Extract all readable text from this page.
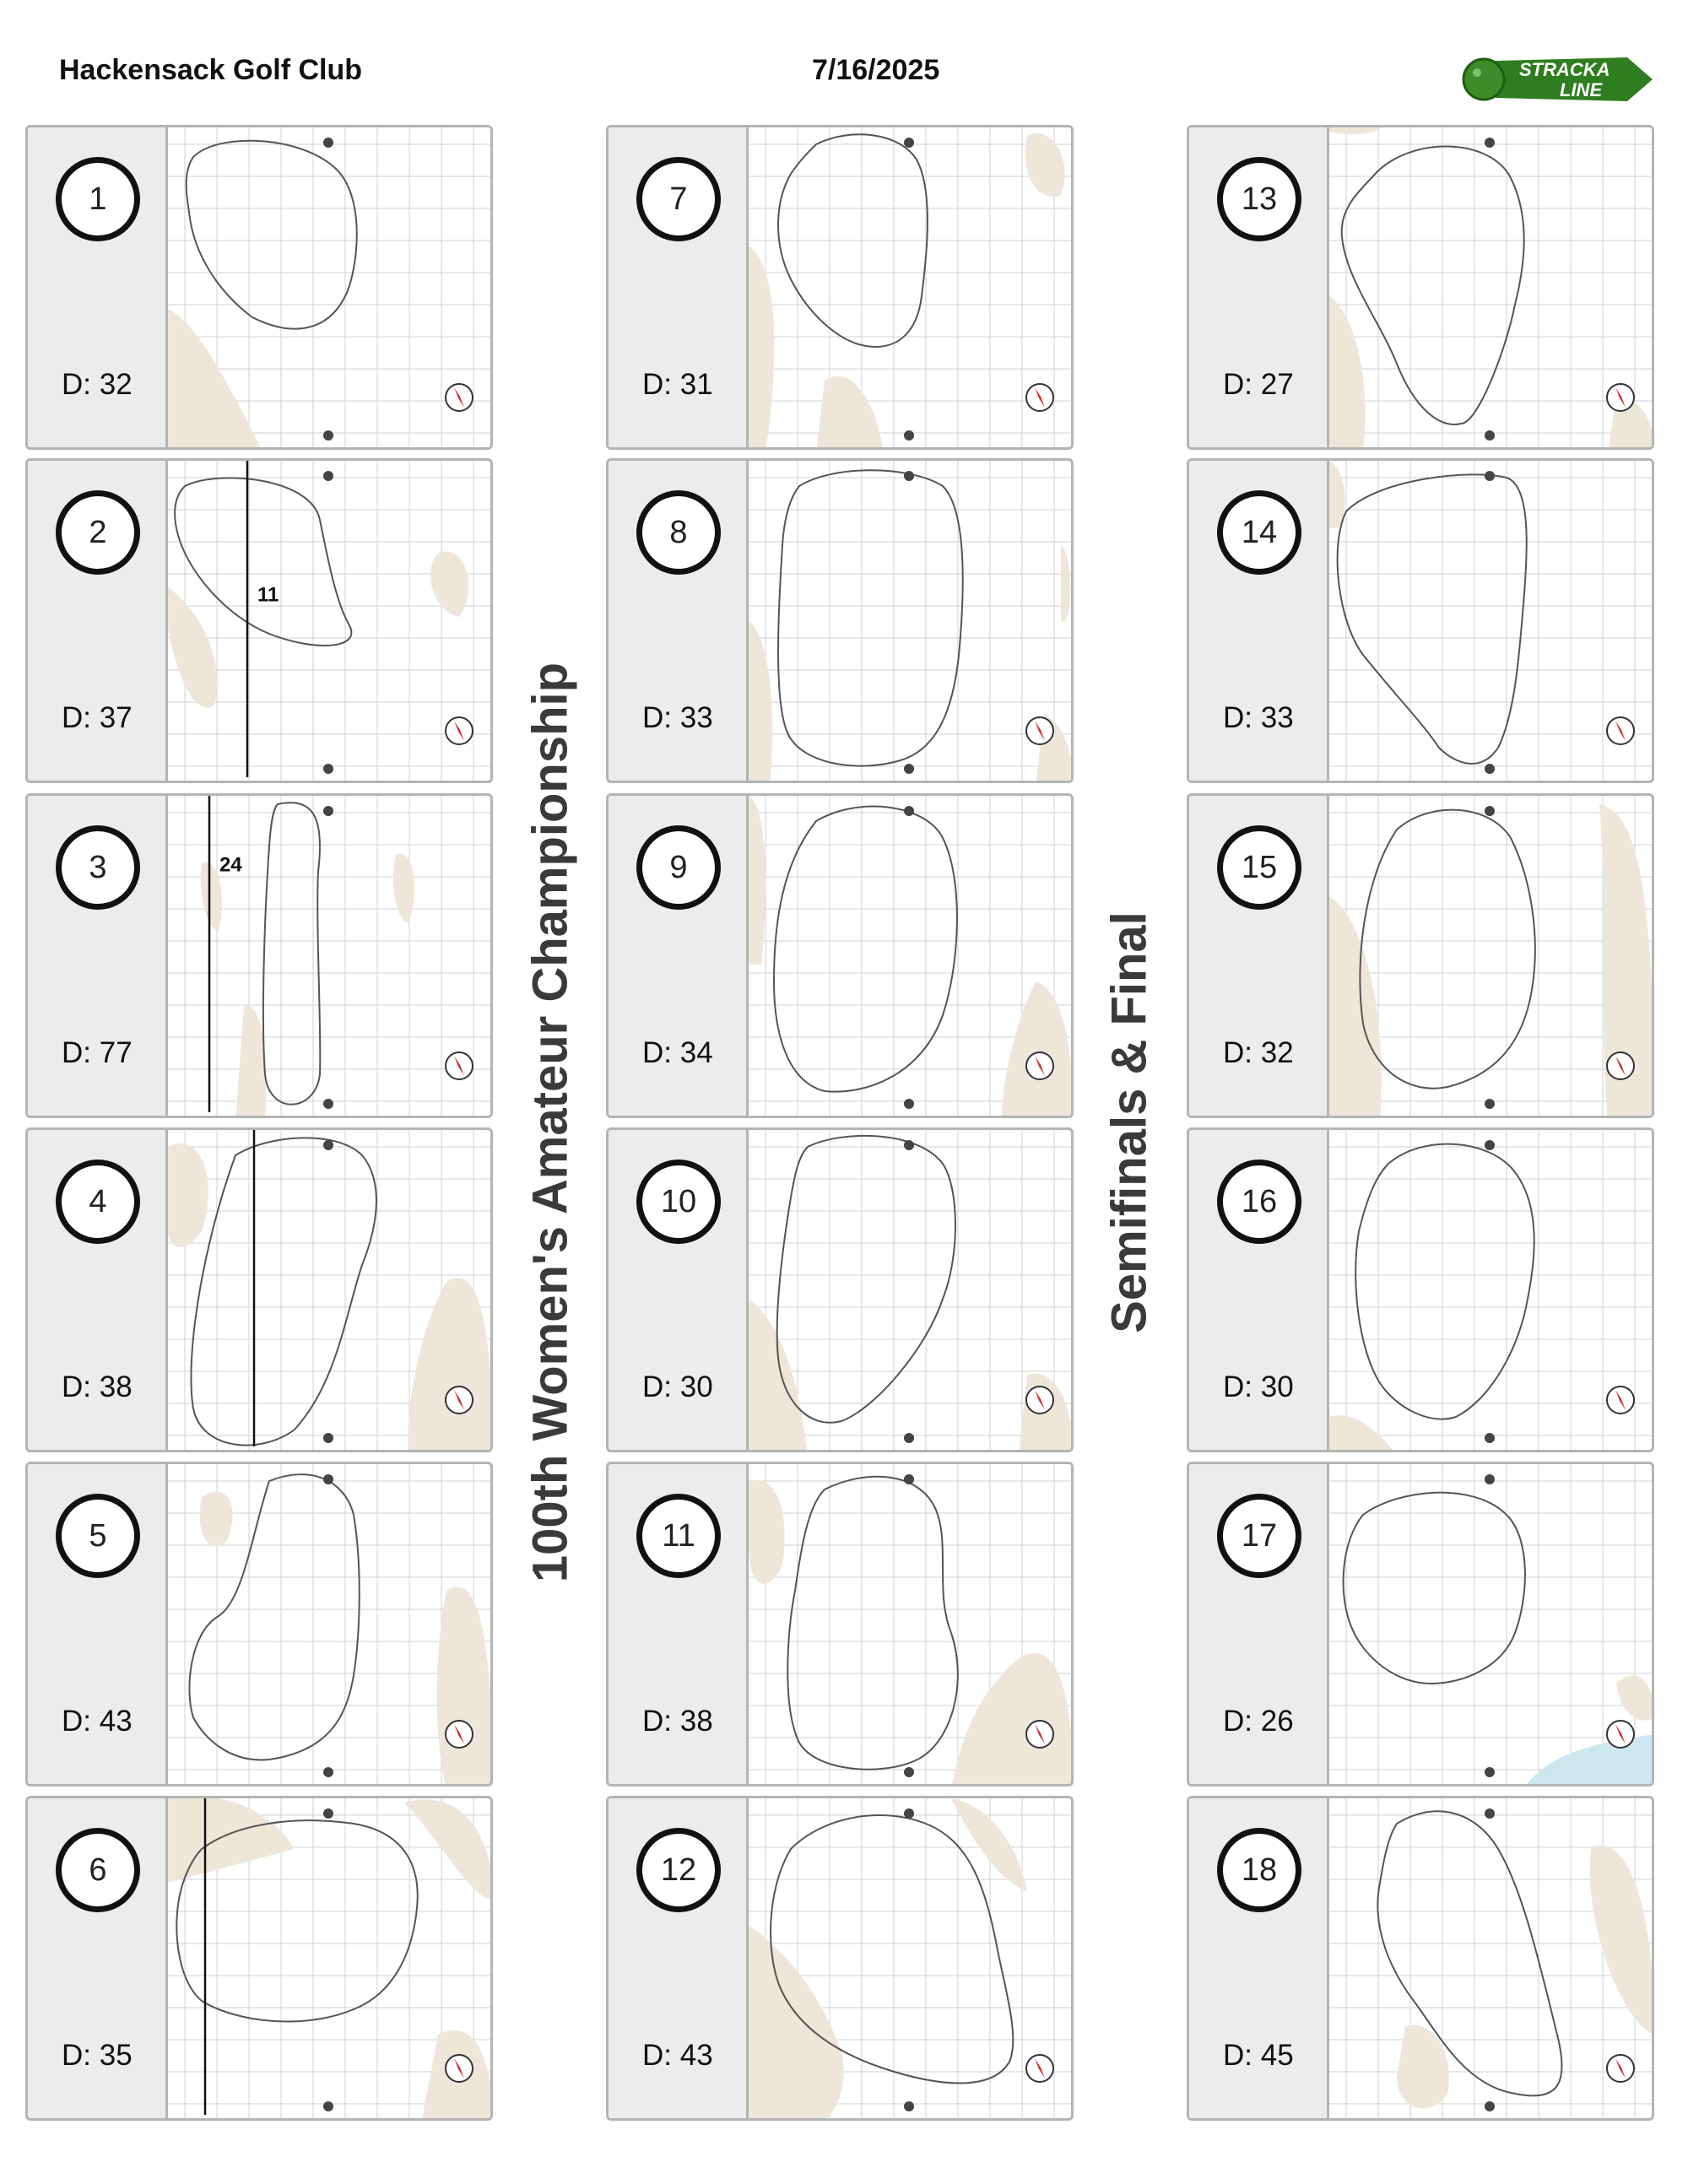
Hackensack Golf Club	7/16/2025	STRACKA
LINE
100th Women's Amateur Championship	Semifinals & Final
1
D: 32
2
D: 37
11
3
D: 77
24
4
D: 38
5
D: 43
6
D: 35
7
D: 31
8
D: 33
9
D: 34
10
D: 30
11
D: 38
12
D: 43
13
D: 27
14
D: 33
15
D: 32
16
D: 30
17
D: 26
18
D: 45
